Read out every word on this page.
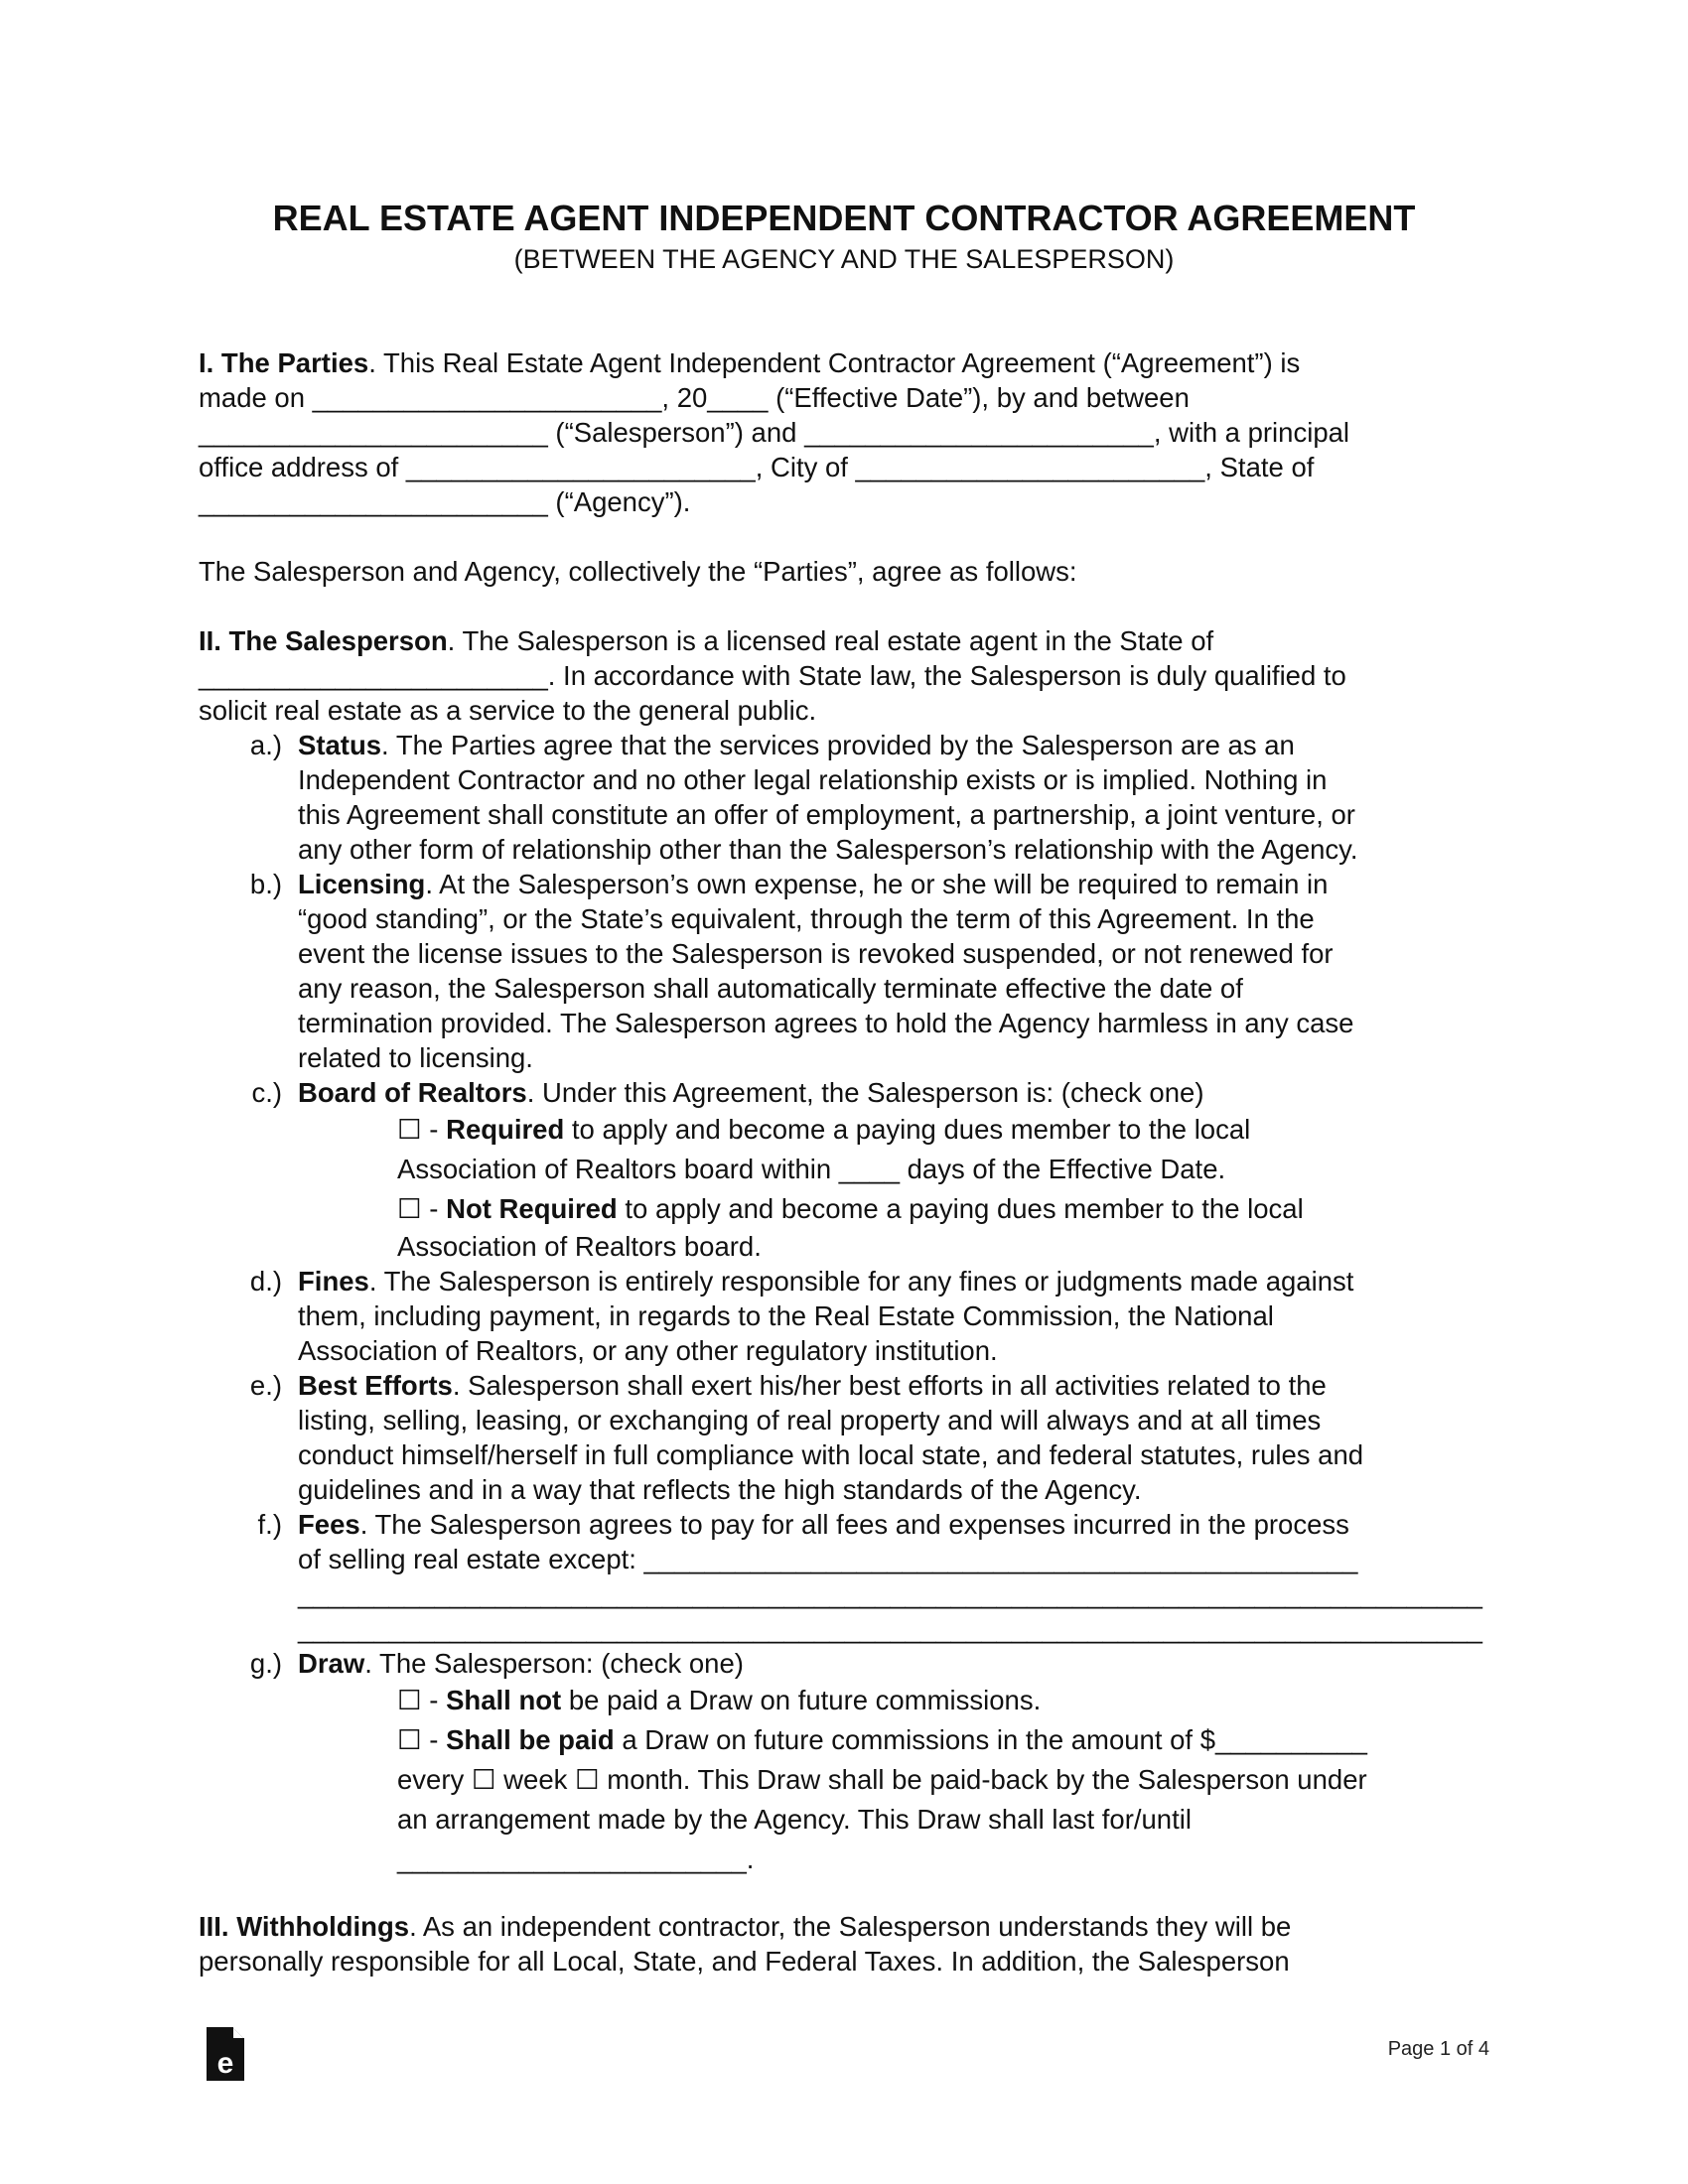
REAL ESTATE AGENT INDEPENDENT CONTRACTOR AGREEMENT
(BETWEEN THE AGENCY AND THE SALESPERSON)
I. The Parties. This Real Estate Agent Independent Contractor Agreement (“Agreement”) is
made on _______________________, 20____ (“Effective Date”), by and between
_______________________ (“Salesperson”) and _______________________, with a principal
office address of _______________________, City of _______________________, State of
_______________________ (“Agency”).
The Salesperson and Agency, collectively the “Parties”, agree as follows:
II. The Salesperson. The Salesperson is a licensed real estate agent in the State of
_______________________. In accordance with State law, the Salesperson is duly qualified to
solicit real estate as a service to the general public.
a.) Status. The Parties agree that the services provided by the Salesperson are as an
Independent Contractor and no other legal relationship exists or is implied. Nothing in
this Agreement shall constitute an offer of employment, a partnership, a joint venture, or
any other form of relationship other than the Salesperson’s relationship with the Agency.
b.) Licensing. At the Salesperson’s own expense, he or she will be required to remain in
“good standing”, or the State’s equivalent, through the term of this Agreement. In the
event the license issues to the Salesperson is revoked suspended, or not renewed for
any reason, the Salesperson shall automatically terminate effective the date of
termination provided. The Salesperson agrees to hold the Agency harmless in any case
related to licensing.
c.) Board of Realtors. Under this Agreement, the Salesperson is: (check one)
☐ - Required to apply and become a paying dues member to the local
Association of Realtors board within ____ days of the Effective Date.
☐ - Not Required to apply and become a paying dues member to the local
Association of Realtors board.
d.) Fines. The Salesperson is entirely responsible for any fines or judgments made against
them, including payment, in regards to the Real Estate Commission, the National
Association of Realtors, or any other regulatory institution.
e.) Best Efforts. Salesperson shall exert his/her best efforts in all activities related to the
listing, selling, leasing, or exchanging of real property and will always and at all times
conduct himself/herself in full compliance with local state, and federal statutes, rules and
guidelines and in a way that reflects the high standards of the Agency.
f.) Fees. The Salesperson agrees to pay for all fees and expenses incurred in the process
of selling real estate except: _______________________________________________
______________________________________________________________________________
______________________________________________________________________________
g.) Draw. The Salesperson: (check one)
☐ - Shall not be paid a Draw on future commissions.
☐ - Shall be paid a Draw on future commissions in the amount of $__________
every ☐ week ☐ month. This Draw shall be paid-back by the Salesperson under
an arrangement made by the Agency. This Draw shall last for/until
_______________________.
III. Withholdings. As an independent contractor, the Salesperson understands they will be
personally responsible for all Local, State, and Federal Taxes. In addition, the Salesperson
e	Page 1 of 4
